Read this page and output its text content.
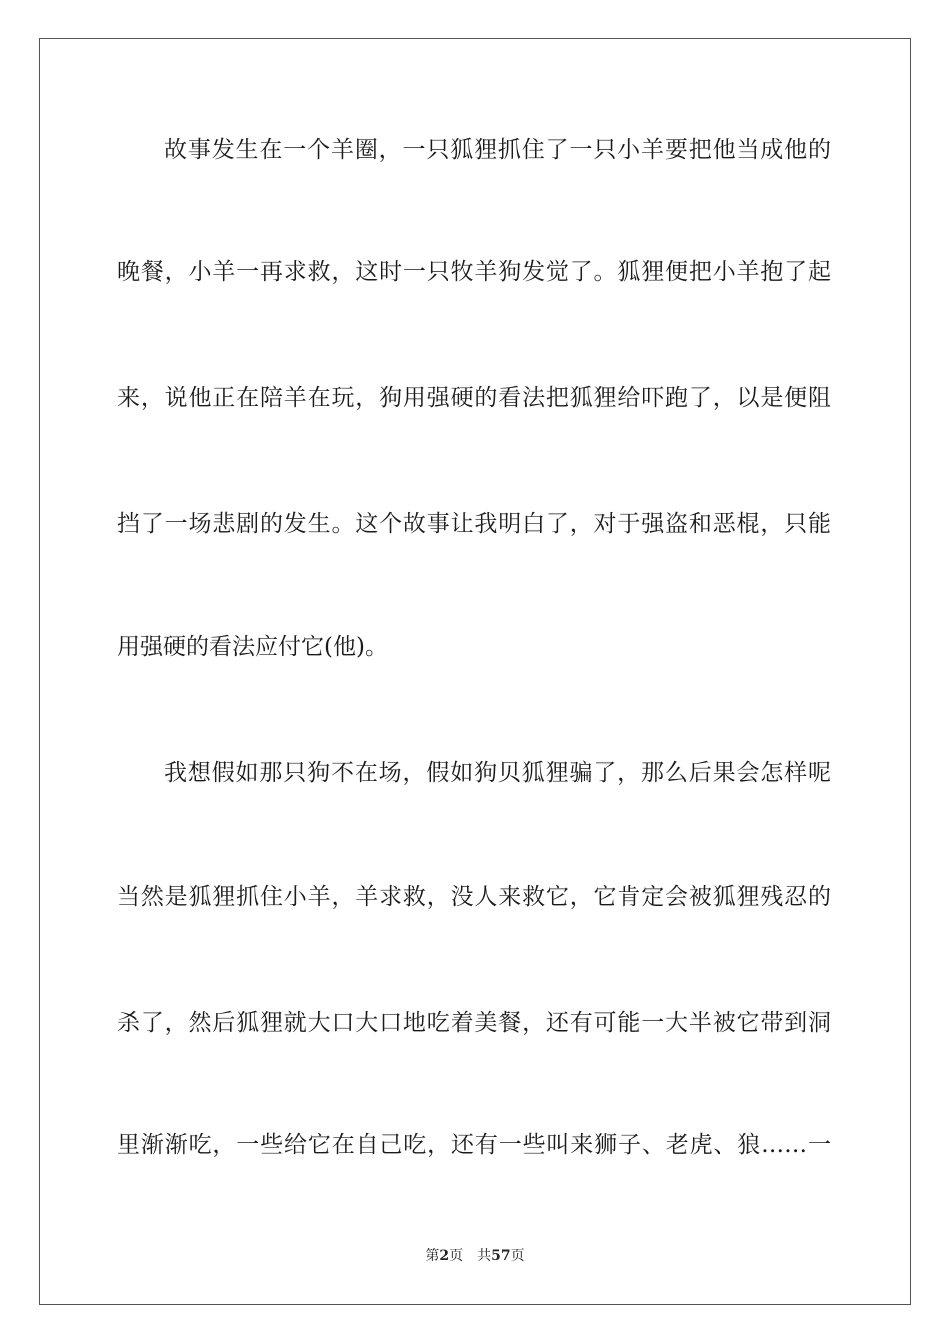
故事发生在一个羊圈，一只狐狸抓住了一只小羊要把他当成他的
晚餐，小羊一再求救，这时一只牧羊狗发觉了。狐狸便把小羊抱了起
来，说他正在陪羊在玩，狗用强硬的看法把狐狸给吓跑了，以是便阻
挡了一场悲剧的发生。这个故事让我明白了，对于强盗和恶棍，只能
用强硬的看法应付它(他)。

我想假如那只狗不在场，假如狗贝狐狸骗了，那么后果会怎样呢
当然是狐狸抓住小羊，羊求救，没人来救它，它肯定会被狐狸残忍的
杀了，然后狐狸就大口大口地吃着美餐，还有可能一大半被它带到洞
里渐渐吃，一些给它在自己吃，还有一些叫来狮子、老虎、狼……一

第2页 共57页
